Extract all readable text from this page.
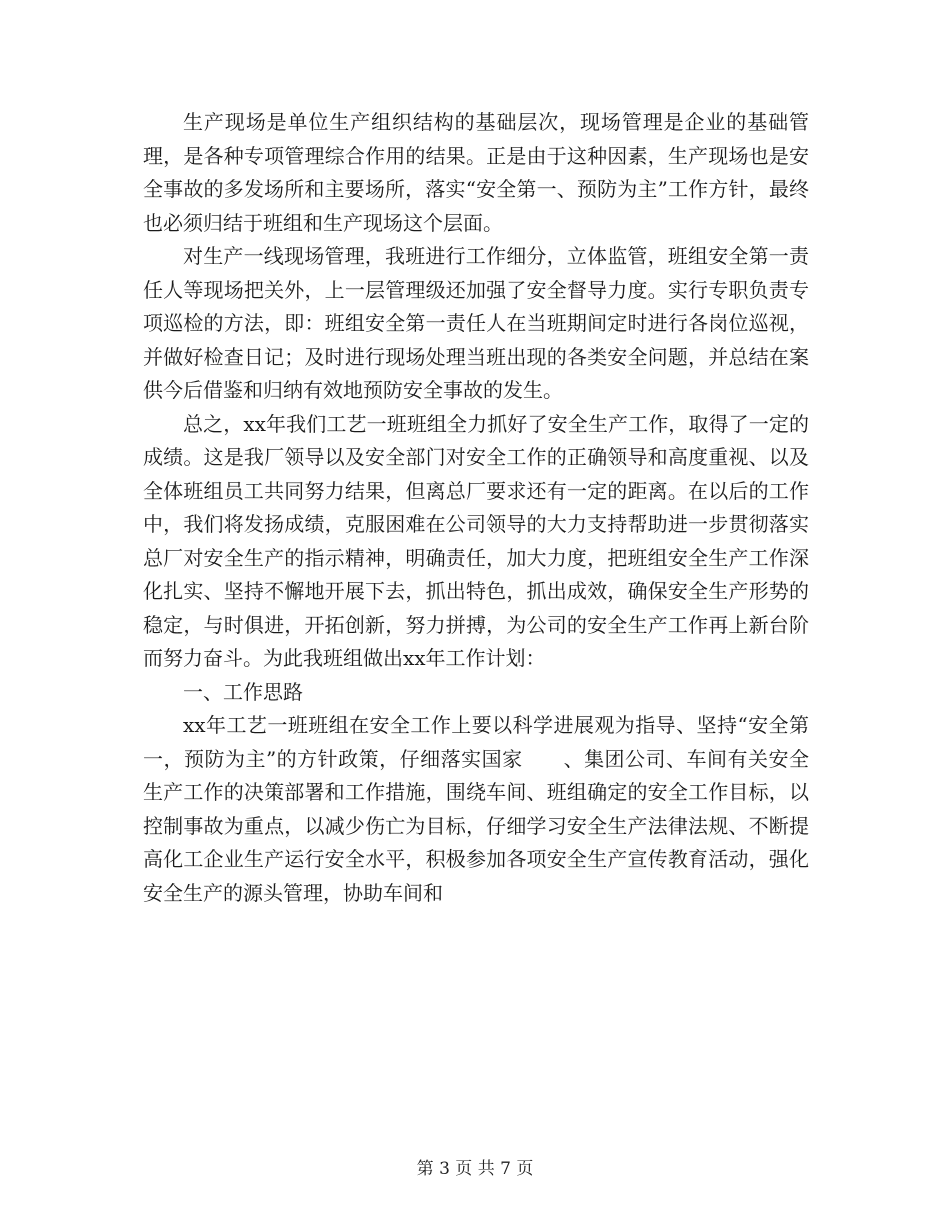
生产现场是单位生产组织结构的基础层次，现场管理是企业的基础管理，是各种专项管理综合作用的结果。正是由于这种因素，生产现场也是安全事故的多发场所和主要场所，落实“安全第一、预防为主”工作方针，最终也必须归结于班组和生产现场这个层面。

对生产一线现场管理，我班进行工作细分，立体监管，班组安全第一责任人等现场把关外，上一层管理级还加强了安全督导力度。实行专职负责专项巡检的方法，即：班组安全第一责任人在当班期间定时进行各岗位巡视，并做好检查日记；及时进行现场处理当班出现的各类安全问题，并总结在案供今后借鉴和归纳有效地预防安全事故的发生。

总之，xx年我们工艺一班班组全力抓好了安全生产工作，取得了一定的成绩。这是我厂领导以及安全部门对安全工作的正确领导和高度重视、以及全体班组员工共同努力结果，但离总厂要求还有一定的距离。在以后的工作中，我们将发扬成绩，克服困难在公司领导的大力支持帮助进一步贯彻落实总厂对安全生产的指示精神，明确责任，加大力度，把班组安全生产工作深化扎实、坚持不懈地开展下去，抓出特色，抓出成效，确保安全生产形势的稳定，与时俱进，开拓创新，努力拼搏，为公司的安全生产工作再上新台阶而努力奋斗。为此我班组做出xx年工作计划：

一、工作思路

xx年工艺一班班组在安全工作上要以科学进展观为指导、坚持“安全第一，预防为主”的方针政策，仔细落实国家　　、集团公司、车间有关安全生产工作的决策部署和工作措施，围绕车间、班组确定的安全工作目标，以控制事故为重点，以减少伤亡为目标，仔细学习安全生产法律法规、不断提高化工企业生产运行安全水平，积极参加各项安全生产宣传教育活动，强化安全生产的源头管理，协助车间和

第 3 页 共 7 页
